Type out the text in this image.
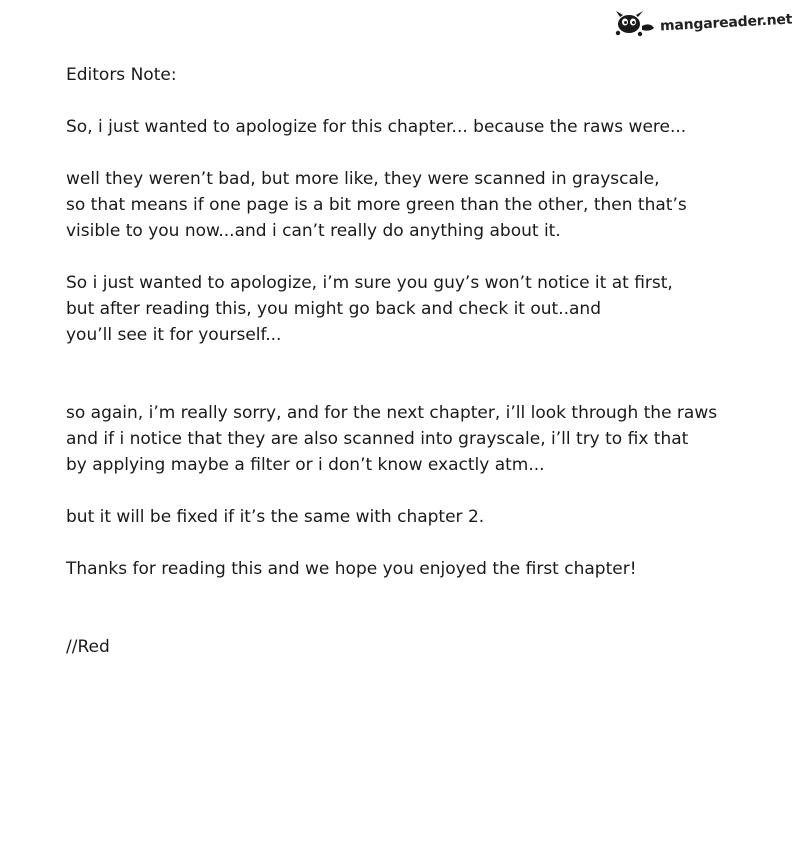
mangareader.net

Editors Note:

So, i just wanted to apologize for this chapter... because the raws were...

well they weren’t bad, but more like, they were scanned in grayscale,

so that means if one page is a bit more green than the other, then that’s

visible to you now...and i can’t really do anything about it.

So i just wanted to apologize, i’m sure you guy’s won’t notice it at first,

but after reading this, you might go back and check it out..and

you’ll see it for yourself...

so again, i’m really sorry, and for the next chapter, i’ll look through the raws

and if i notice that they are also scanned into grayscale, i’ll try to fix that

by applying maybe a filter or i don’t know exactly atm...

but it will be fixed if it’s the same with chapter 2.

Thanks for reading this and we hope you enjoyed the first chapter!

//Red
